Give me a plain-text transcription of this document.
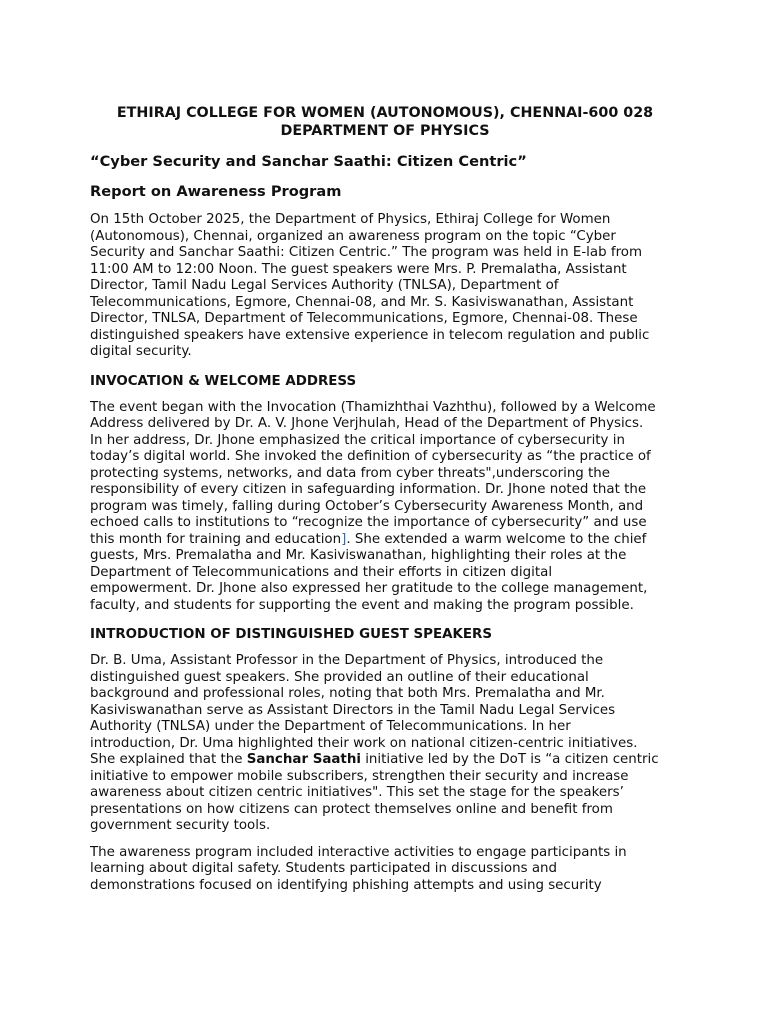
ETHIRAJ COLLEGE FOR WOMEN (AUTONOMOUS), CHENNAI-600 028
DEPARTMENT OF PHYSICS
“Cyber Security and Sanchar Saathi: Citizen Centric”
Report on Awareness Program

On 15th October 2025, the Department of Physics, Ethiraj College for Women
(Autonomous), Chennai, organized an awareness program on the topic “Cyber
Security and Sanchar Saathi: Citizen Centric.” The program was held in E-lab from
11:00 AM to 12:00 Noon. The guest speakers were Mrs. P. Premalatha, Assistant
Director, Tamil Nadu Legal Services Authority (TNLSA), Department of
Telecommunications, Egmore, Chennai-08, and Mr. S. Kasiviswanathan, Assistant
Director, TNLSA, Department of Telecommunications, Egmore, Chennai-08. These
distinguished speakers have extensive experience in telecom regulation and public
digital security.

INVOCATION & WELCOME ADDRESS

The event began with the Invocation (Thamizhthai Vazhthu), followed by a Welcome
Address delivered by Dr. A. V. Jhone Verjhulah, Head of the Department of Physics.
In her address, Dr. Jhone emphasized the critical importance of cybersecurity in
today’s digital world. She invoked the definition of cybersecurity as “the practice of
protecting systems, networks, and data from cyber threats",underscoring the
responsibility of every citizen in safeguarding information. Dr. Jhone noted that the
program was timely, falling during October’s Cybersecurity Awareness Month, and
echoed calls to institutions to “recognize the importance of cybersecurity” and use
this month for training and education]. She extended a warm welcome to the chief
guests, Mrs. Premalatha and Mr. Kasiviswanathan, highlighting their roles at the
Department of Telecommunications and their efforts in citizen digital
empowerment. Dr. Jhone also expressed her gratitude to the college management,
faculty, and students for supporting the event and making the program possible.

INTRODUCTION OF DISTINGUISHED GUEST SPEAKERS

Dr. B. Uma, Assistant Professor in the Department of Physics, introduced the
distinguished guest speakers. She provided an outline of their educational
background and professional roles, noting that both Mrs. Premalatha and Mr.
Kasiviswanathan serve as Assistant Directors in the Tamil Nadu Legal Services
Authority (TNLSA) under the Department of Telecommunications. In her
introduction, Dr. Uma highlighted their work on national citizen-centric initiatives.
She explained that the Sanchar Saathi initiative led by the DoT is “a citizen centric
initiative to empower mobile subscribers, strengthen their security and increase
awareness about citizen centric initiatives". This set the stage for the speakers’
presentations on how citizens can protect themselves online and benefit from
government security tools.

The awareness program included interactive activities to engage participants in
learning about digital safety. Students participated in discussions and
demonstrations focused on identifying phishing attempts and using security
